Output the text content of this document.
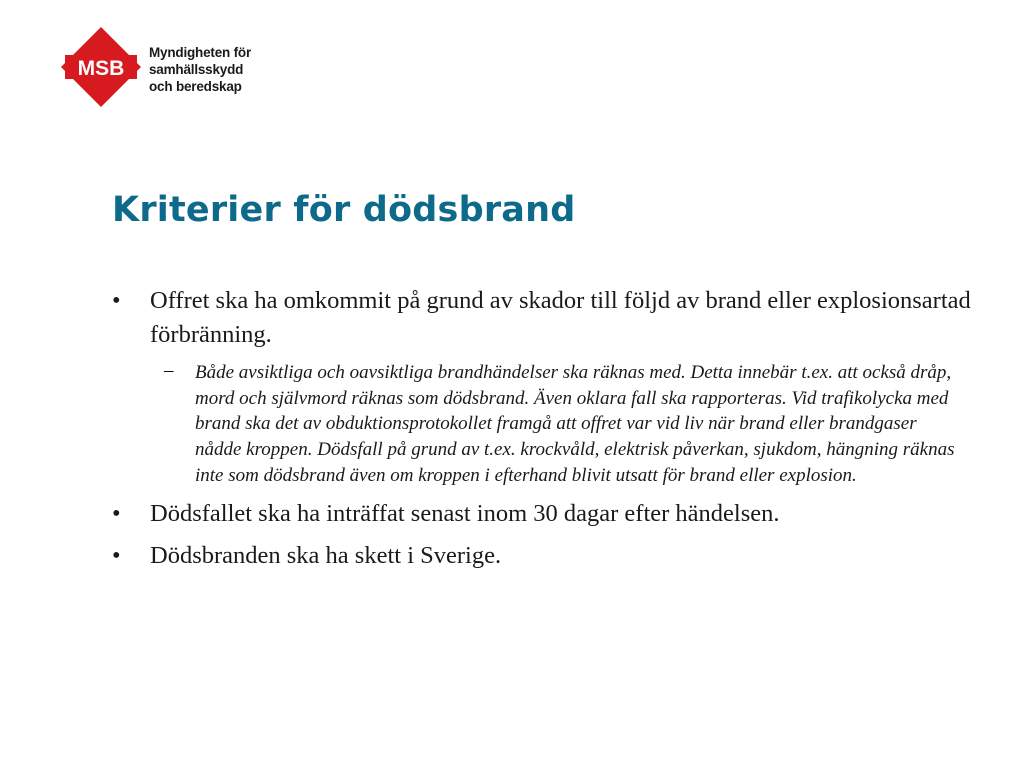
MSB
Myndigheten för
samhällsskydd
och beredskap
Kriterier för dödsbrand
• Offret ska ha omkommit på grund av skador till följd av brand eller explosionsartad förbränning.
– Både avsiktliga och oavsiktliga brandhändelser ska räknas med. Detta innebär t.ex. att också dråp, mord och självmord räknas som dödsbrand. Även oklara fall ska rapporteras. Vid trafikolycka med brand ska det av obduktionsprotokollet framgå att offret var vid liv när brand eller brandgaser nådde kroppen. Dödsfall på grund av t.ex. krockvåld, elektrisk påverkan, sjukdom, hängning räknas inte som dödsbrand även om kroppen i efterhand blivit utsatt för brand eller explosion.
• Dödsfallet ska ha inträffat senast inom 30 dagar efter händelsen.
• Dödsbranden ska ha skett i Sverige.
